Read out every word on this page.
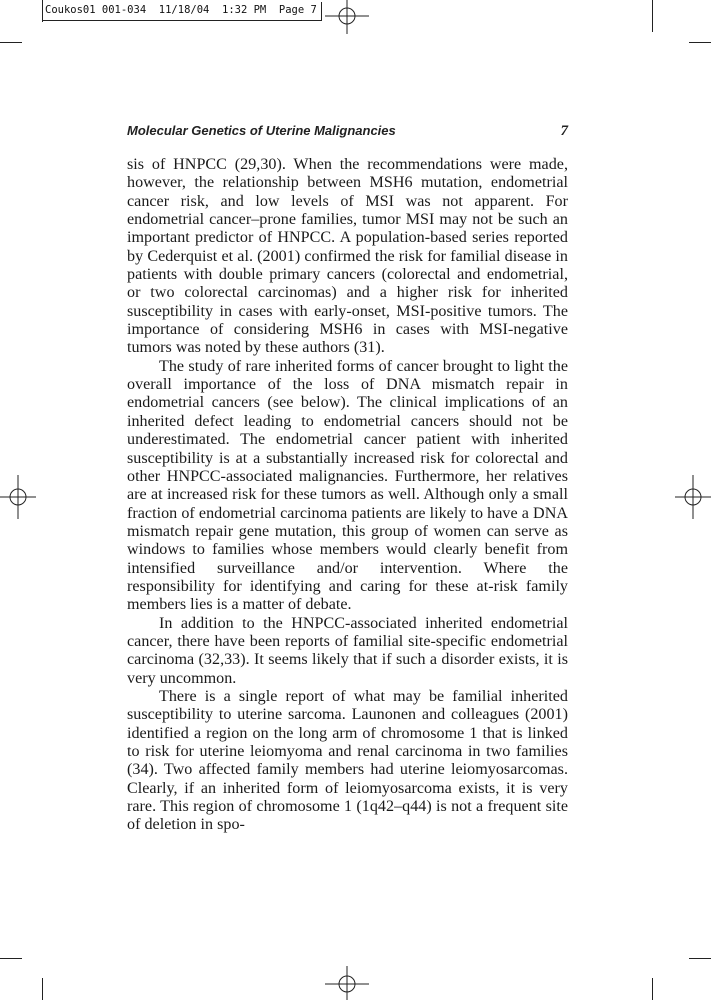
Coukos01 001-034  11/18/04  1:32 PM  Page 7
Molecular Genetics of Uterine Malignancies	7

sis of HNPCC (29,30). When the recommendations were made, however, the relationship between MSH6 mutation, endometrial cancer risk, and low levels of MSI was not apparent. For endometrial cancer–prone families, tumor MSI may not be such an important predictor of HNPCC. A population-based series reported by Cederquist et al. (2001) confirmed the risk for familial disease in patients with double primary cancers (colorectal and endometrial, or two colorectal carcinomas) and a higher risk for inherited susceptibility in cases with early-onset, MSI-positive tumors. The importance of considering MSH6 in cases with MSI-negative tumors was noted by these authors (31).

The study of rare inherited forms of cancer brought to light the overall importance of the loss of DNA mismatch repair in endometrial cancers (see below). The clinical implications of an inherited defect leading to endometrial cancers should not be underestimated. The endometrial cancer patient with inherited susceptibility is at a substantially increased risk for colorectal and other HNPCC-associated malignancies. Furthermore, her relatives are at increased risk for these tumors as well. Although only a small fraction of endometrial carcinoma patients are likely to have a DNA mismatch repair gene mutation, this group of women can serve as windows to families whose members would clearly benefit from intensified surveillance and/or intervention. Where the responsibility for identifying and caring for these at-risk family members lies is a matter of debate.

In addition to the HNPCC-associated inherited endometrial cancer, there have been reports of familial site-specific endometrial carcinoma (32,33). It seems likely that if such a disorder exists, it is very uncommon.

There is a single report of what may be familial inherited susceptibility to uterine sarcoma. Launonen and colleagues (2001) identified a region on the long arm of chromosome 1 that is linked to risk for uterine leiomyoma and renal carcinoma in two families (34). Two affected family members had uterine leiomyosarcomas. Clearly, if an inherited form of leiomyosarcoma exists, it is very rare. This region of chromosome 1 (1q42–q44) is not a frequent site of deletion in spo-
